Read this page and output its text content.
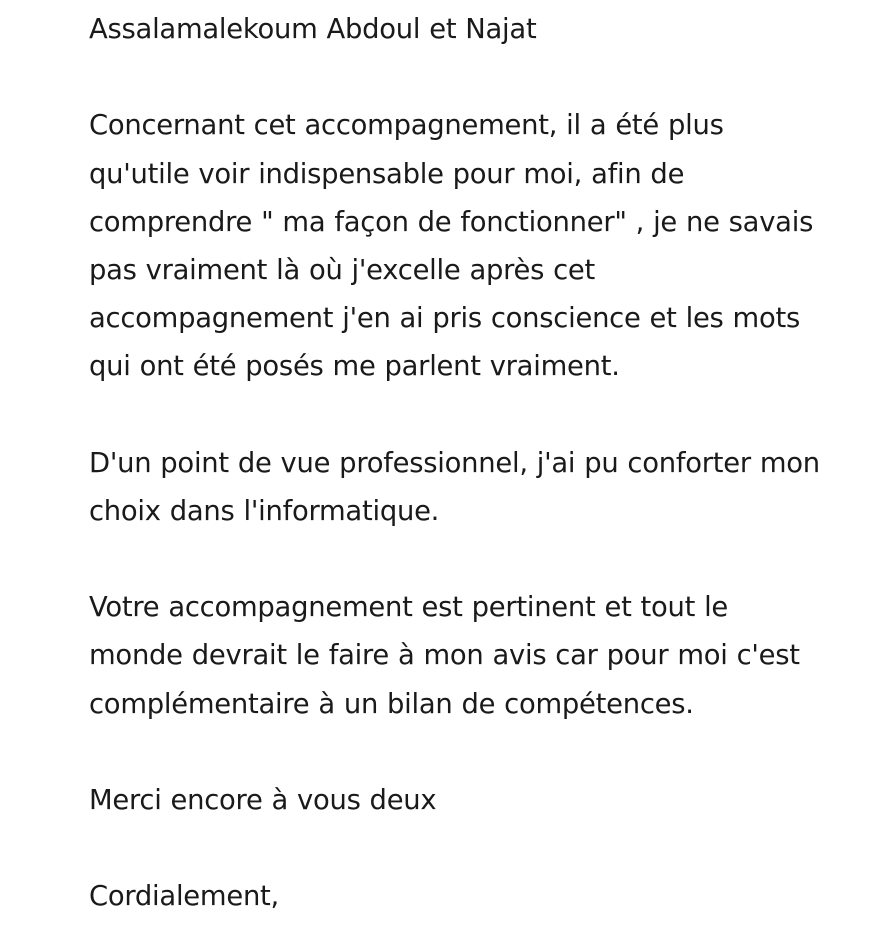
Assalamalekoum Abdoul et Najat
Concernant cet accompagnement, il a été plus
qu'utile voir indispensable pour moi, afin de
comprendre " ma façon de fonctionner" , je ne savais
pas vraiment là où j'excelle après cet
accompagnement j'en ai pris conscience et les mots
qui ont été posés me parlent vraiment.
D'un point de vue professionnel, j'ai pu conforter mon
choix dans l'informatique.
Votre accompagnement est pertinent et tout le
monde devrait le faire à mon avis car pour moi c'est
complémentaire à un bilan de compétences.
Merci encore à vous deux
Cordialement,
